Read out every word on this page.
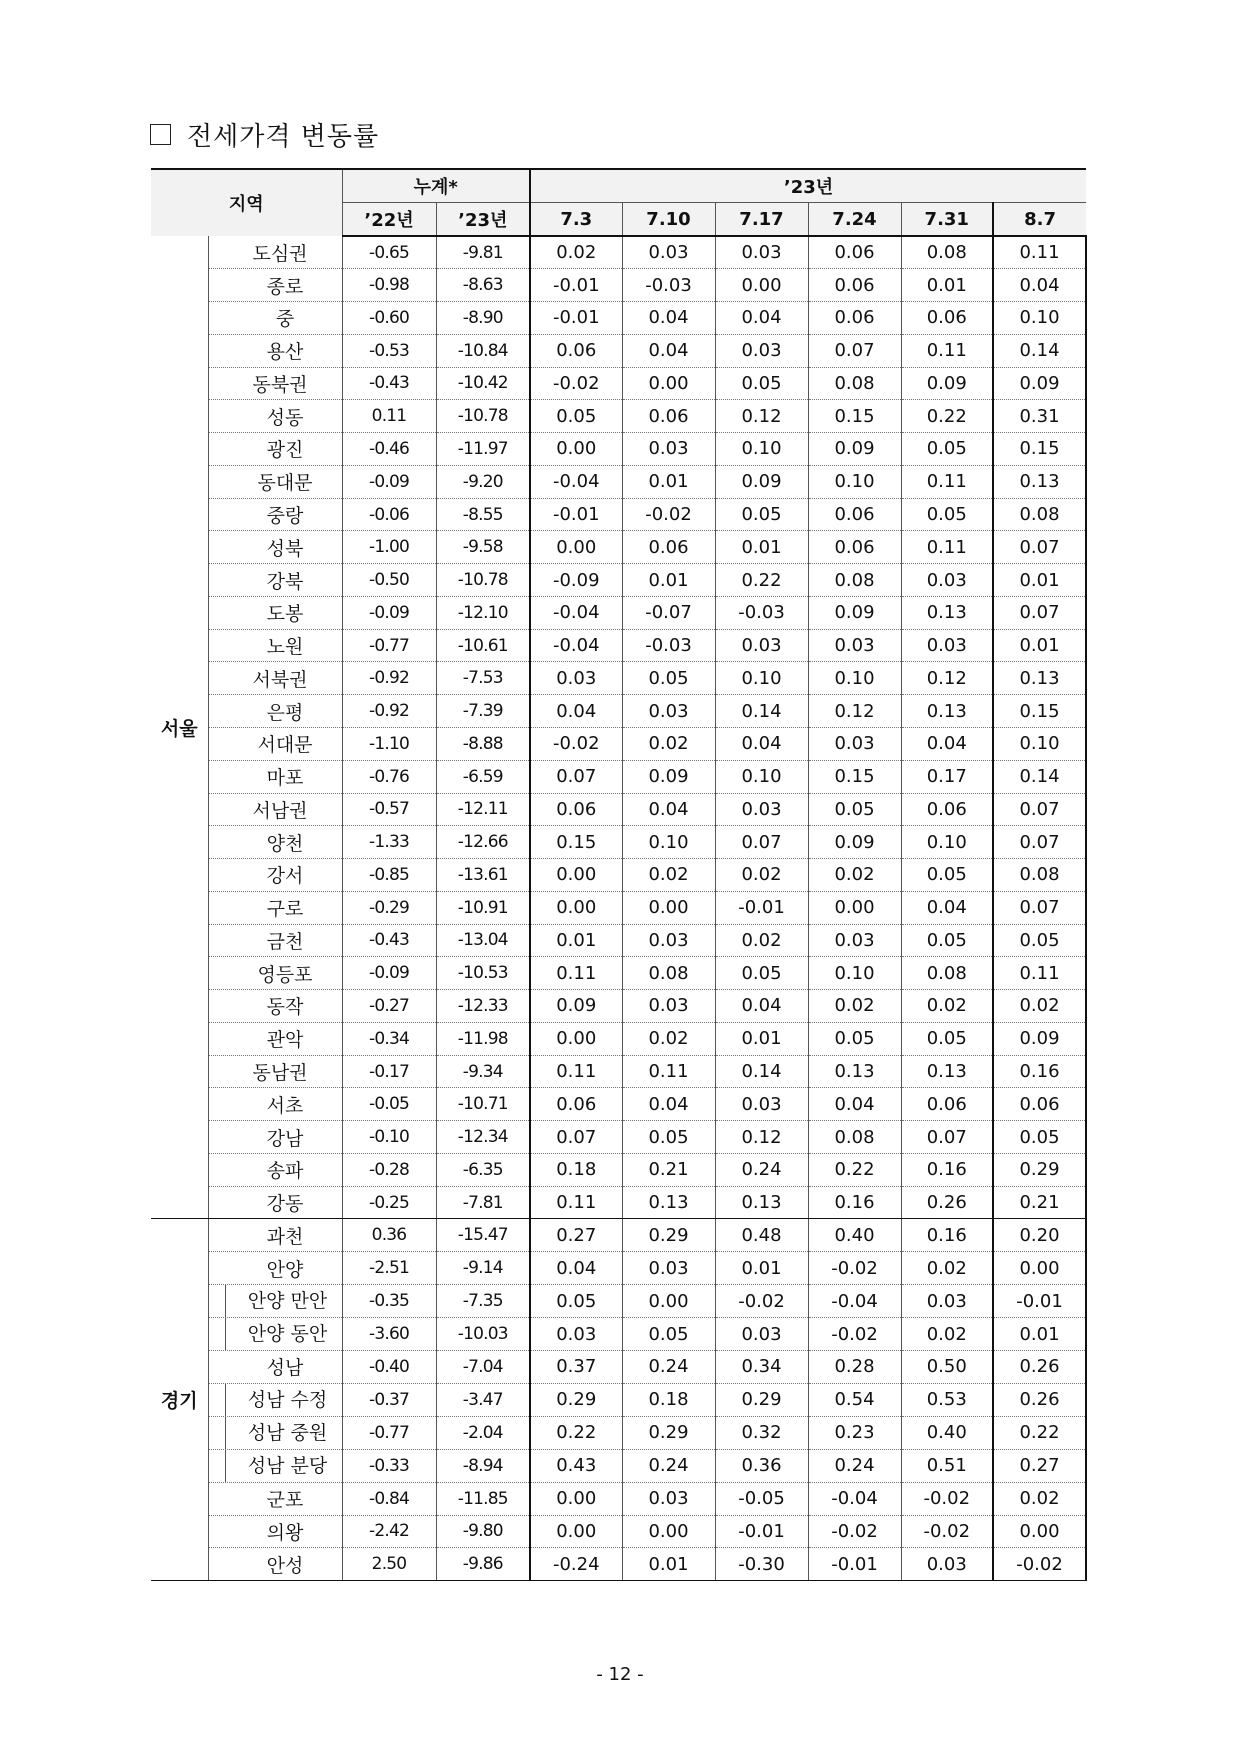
전세가격 변동률
지역		누계*		’23년					
		’22년	’23년	7.3	7.10	7.17	7.24	7.31	8.7
서울	도심권	-0.65	-9.81	0.02	0.03	0.03	0.06	0.08	0.11
	종로	-0.98	-8.63	-0.01	-0.03	0.00	0.06	0.01	0.04
	중	-0.60	-8.90	-0.01	0.04	0.04	0.06	0.06	0.10
	용산	-0.53	-10.84	0.06	0.04	0.03	0.07	0.11	0.14
	동북권	-0.43	-10.42	-0.02	0.00	0.05	0.08	0.09	0.09
	성동	0.11	-10.78	0.05	0.06	0.12	0.15	0.22	0.31
	광진	-0.46	-11.97	0.00	0.03	0.10	0.09	0.05	0.15
	동대문	-0.09	-9.20	-0.04	0.01	0.09	0.10	0.11	0.13
	중랑	-0.06	-8.55	-0.01	-0.02	0.05	0.06	0.05	0.08
	성북	-1.00	-9.58	0.00	0.06	0.01	0.06	0.11	0.07
	강북	-0.50	-10.78	-0.09	0.01	0.22	0.08	0.03	0.01
	도봉	-0.09	-12.10	-0.04	-0.07	-0.03	0.09	0.13	0.07
	노원	-0.77	-10.61	-0.04	-0.03	0.03	0.03	0.03	0.01
	서북권	-0.92	-7.53	0.03	0.05	0.10	0.10	0.12	0.13
	은평	-0.92	-7.39	0.04	0.03	0.14	0.12	0.13	0.15
	서대문	-1.10	-8.88	-0.02	0.02	0.04	0.03	0.04	0.10
	마포	-0.76	-6.59	0.07	0.09	0.10	0.15	0.17	0.14
	서남권	-0.57	-12.11	0.06	0.04	0.03	0.05	0.06	0.07
	양천	-1.33	-12.66	0.15	0.10	0.07	0.09	0.10	0.07
	강서	-0.85	-13.61	0.00	0.02	0.02	0.02	0.05	0.08
	구로	-0.29	-10.91	0.00	0.00	-0.01	0.00	0.04	0.07
	금천	-0.43	-13.04	0.01	0.03	0.02	0.03	0.05	0.05
	영등포	-0.09	-10.53	0.11	0.08	0.05	0.10	0.08	0.11
	동작	-0.27	-12.33	0.09	0.03	0.04	0.02	0.02	0.02
	관악	-0.34	-11.98	0.00	0.02	0.01	0.05	0.05	0.09
	동남권	-0.17	-9.34	0.11	0.11	0.14	0.13	0.13	0.16
	서초	-0.05	-10.71	0.06	0.04	0.03	0.04	0.06	0.06
	강남	-0.10	-12.34	0.07	0.05	0.12	0.08	0.07	0.05
	송파	-0.28	-6.35	0.18	0.21	0.24	0.22	0.16	0.29
	강동	-0.25	-7.81	0.11	0.13	0.13	0.16	0.26	0.21
경기	과천	0.36	-15.47	0.27	0.29	0.48	0.40	0.16	0.20
	안양	-2.51	-9.14	0.04	0.03	0.01	-0.02	0.02	0.00

	안양 만안	-0.35	-7.35	0.05	0.00	-0.02	-0.04	0.03	-0.01

	안양 동안	-3.60	-10.03	0.03	0.05	0.03	-0.02	0.02	0.01
	성남	-0.40	-7.04	0.37	0.24	0.34	0.28	0.50	0.26

	성남 수정	-0.37	-3.47	0.29	0.18	0.29	0.54	0.53	0.26

	성남 중원	-0.77	-2.04	0.22	0.29	0.32	0.23	0.40	0.22

	성남 분당	-0.33	-8.94	0.43	0.24	0.36	0.24	0.51	0.27
	군포	-0.84	-11.85	0.00	0.03	-0.05	-0.04	-0.02	0.02
	의왕	-2.42	-9.80	0.00	0.00	-0.01	-0.02	-0.02	0.00
	안성	2.50	-9.86	-0.24	0.01	-0.30	-0.01	0.03	-0.02
- 12 -
